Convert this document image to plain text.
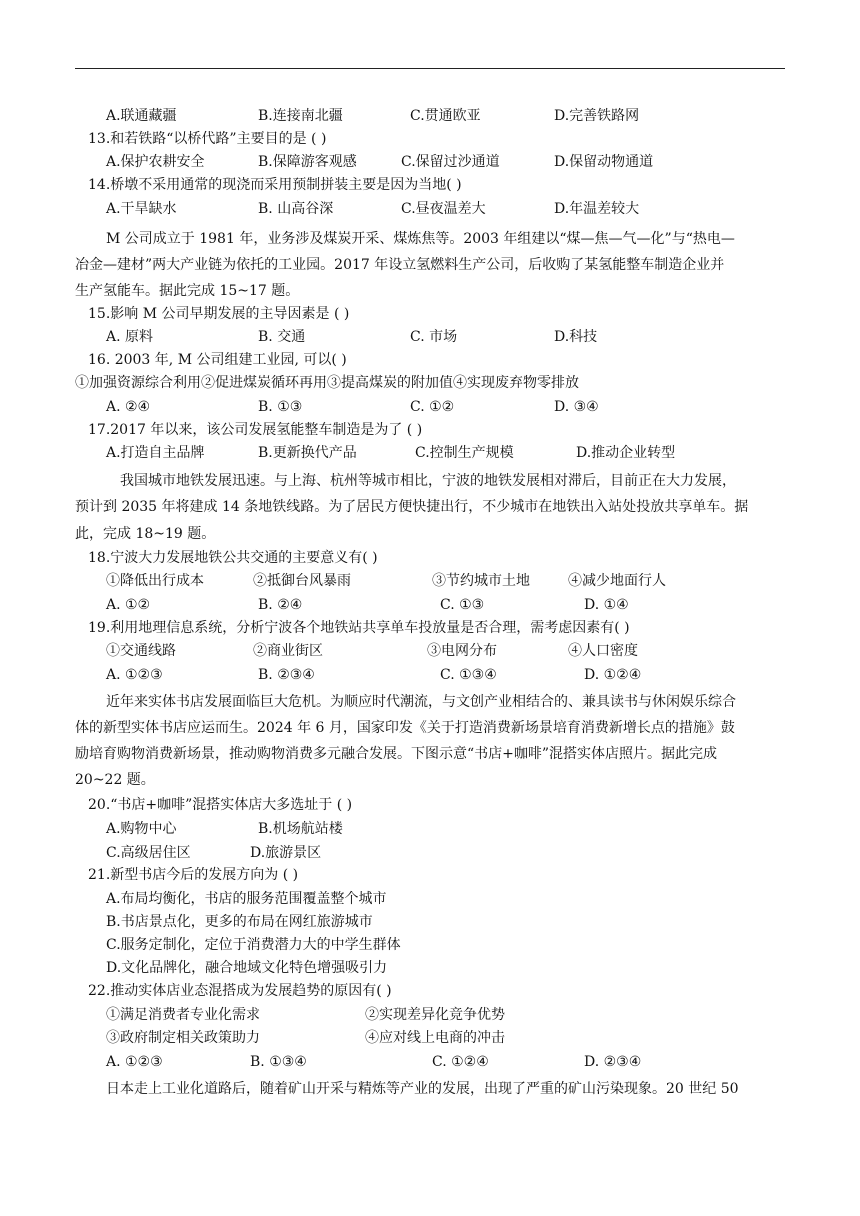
A.联通藏疆	B.连接南北疆	C.贯通欧亚	D.完善铁路网
13.和若铁路“以桥代路”主要目的是 ( )
A.保护农耕安全	B.保障游客观感	C.保留过沙通道	D.保留动物通道
14.桥墩不采用通常的现浇而采用预制拼装主要是因为当地( )
A.干旱缺水	B. 山高谷深	C.昼夜温差大	D.年温差较大
M 公司成立于 1981 年，业务涉及煤炭开采、煤炼焦等。2003 年组建以“煤—焦—气—化”与“热电—
冶金—建材”两大产业链为依托的工业园。2017 年设立氢燃料生产公司，后收购了某氢能整车制造企业并
生产氢能车。据此完成 15~17 题。
15.影响 M 公司早期发展的主导因素是 ( )
A. 原料	B. 交通	C. 市场	D.科技
16. 2003 年, M 公司组建工业园, 可以( )
①加强资源综合利用②促进煤炭循环再用③提高煤炭的附加值④实现废弃物零排放
A. ②④	B. ①③	C. ①②	D. ③④
17.2017 年以来，该公司发展氢能整车制造是为了 ( )
A.打造自主品牌	B.更新换代产品	C.控制生产规模	D.推动企业转型
我国城市地铁发展迅速。与上海、杭州等城市相比，宁波的地铁发展相对滞后，目前正在大力发展，
预计到 2035 年将建成 14 条地铁线路。为了居民方便快捷出行，不少城市在地铁出入站处投放共享单车。据
此，完成 18~19 题。
18.宁波大力发展地铁公共交通的主要意义有( )
①降低出行成本	②抵御台风暴雨	③节约城市土地	④减少地面行人
A. ①②	B. ②④	C. ①③	D. ①④
19.利用地理信息系统，分析宁波各个地铁站共享单车投放量是否合理，需考虑因素有( )
①交通线路	②商业街区	③电网分布	④人口密度
A. ①②③	B. ②③④	C. ①③④	D. ①②④
近年来实体书店发展面临巨大危机。为顺应时代潮流，与文创产业相结合的、兼具读书与休闲娱乐综合
体的新型实体书店应运而生。2024 年 6 月，国家印发《关于打造消费新场景培育消费新增长点的措施》鼓
励培育购物消费新场景，推动购物消费多元融合发展。下图示意“书店+咖啡”混搭实体店照片。据此完成
20~22 题。
20.“书店+咖啡”混搭实体店大多选址于 ( )
A.购物中心	B.机场航站楼
C.高级居住区	D.旅游景区
21.新型书店今后的发展方向为 ( )
A.布局均衡化，书店的服务范围覆盖整个城市
B.书店景点化，更多的布局在网红旅游城市
C.服务定制化，定位于消费潜力大的中学生群体
D.文化品牌化，融合地域文化特色增强吸引力
22.推动实体店业态混搭成为发展趋势的原因有( )
①满足消费者专业化需求	②实现差异化竞争优势
③政府制定相关政策助力	④应对线上电商的冲击
A. ①②③	B. ①③④	C. ①②④	D. ②③④
日本走上工业化道路后，随着矿山开采与精炼等产业的发展，出现了严重的矿山污染现象。20 世纪 50
